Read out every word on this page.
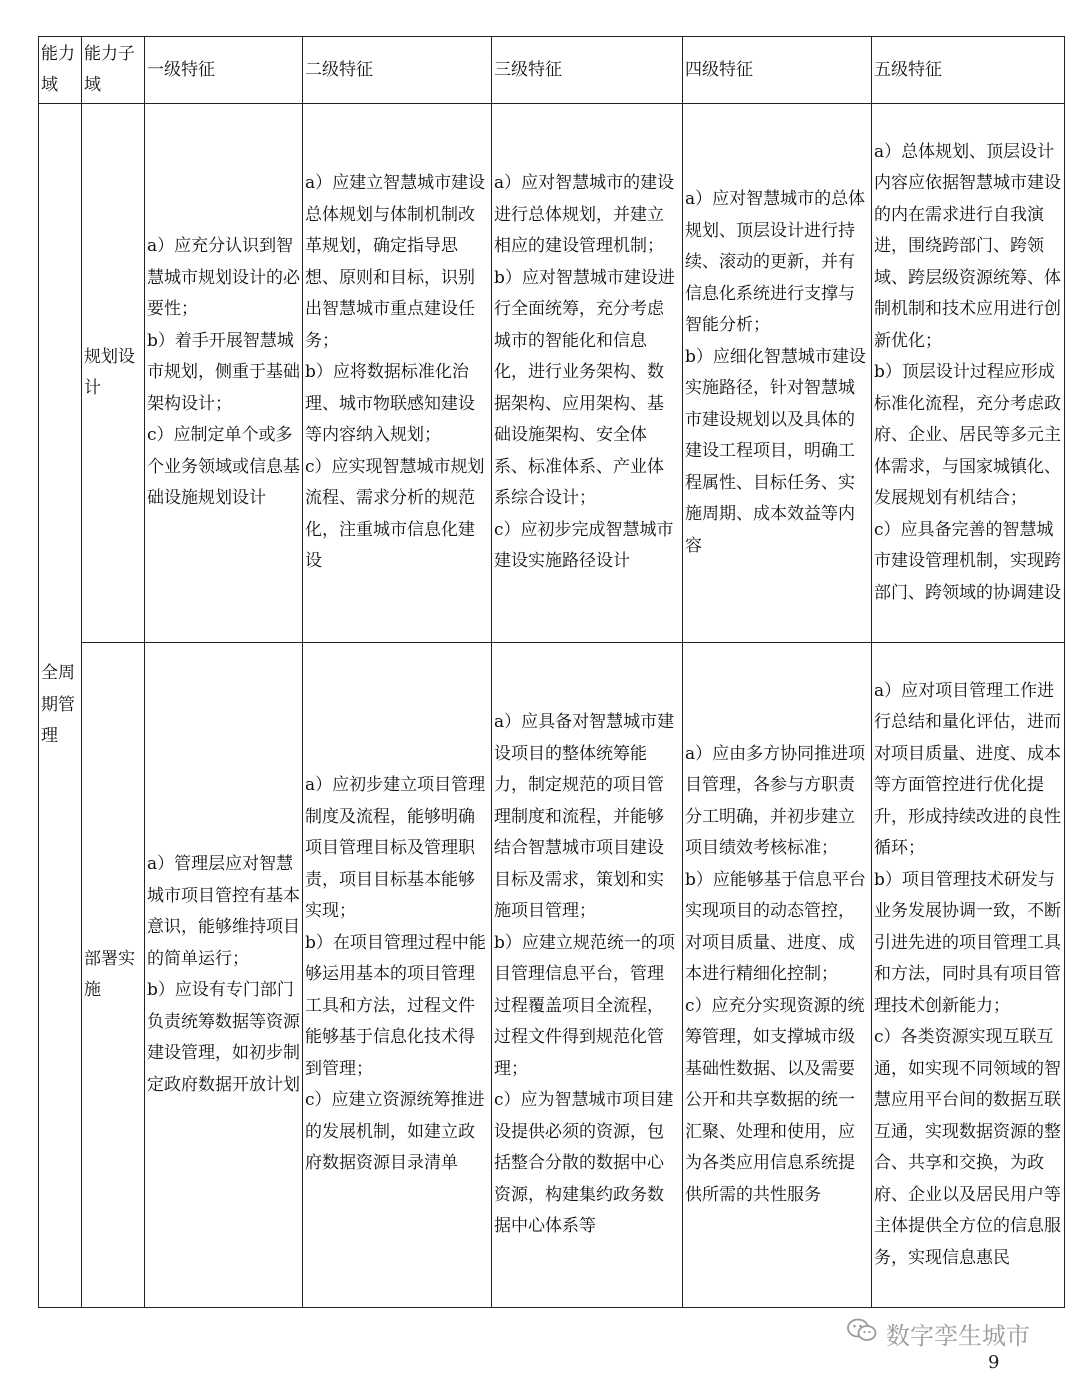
能力域	能力子域	一级特征	二级特征	三级特征	四级特征	五级特征
全周期管理	规划设计	a）应充分认识到智慧城市规划设计的必要性；
b）着手开展智慧城市规划，侧重于基础架构设计；
c）应制定单个或多个业务领域或信息基础设施规划设计	a）应建立智慧城市建设总体规划与体制机制改革规划，确定指导思想、原则和目标，识别出智慧城市重点建设任务；
b）应将数据标准化治理、城市物联感知建设等内容纳入规划；
c）应实现智慧城市规划流程、需求分析的规范化，注重城市信息化建设	a）应对智慧城市的建设进行总体规划，并建立相应的建设管理机制；
b）应对智慧城市建设进行全面统筹，充分考虑城市的智能化和信息化，进行业务架构、数据架构、应用架构、基础设施架构、安全体系、标准体系、产业体系综合设计；
c）应初步完成智慧城市建设实施路径设计	a）应对智慧城市的总体规划、顶层设计进行持续、滚动的更新，并有信息化系统进行支撑与智能分析；
b）应细化智慧城市建设实施路径，针对智慧城市建设规划以及具体的建设工程项目，明确工程属性、目标任务、实施周期、成本效益等内容	a）总体规划、顶层设计内容应依据智慧城市建设的内在需求进行自我演进，围绕跨部门、跨领域、跨层级资源统筹、体制机制和技术应用进行创新优化；
b）顶层设计过程应形成标准化流程，充分考虑政府、企业、居民等多元主体需求，与国家城镇化、发展规划有机结合；
c）应具备完善的智慧城市建设管理机制，实现跨部门、跨领域的协调建设

	部署实施	a）管理层应对智慧城市项目管控有基本意识，能够维持项目的简单运行；
b）应设有专门部门负责统筹数据等资源建设管理，如初步制定政府数据开放计划	a）应初步建立项目管理制度及流程，能够明确项目管理目标及管理职责，项目目标基本能够实现；
b）在项目管理过程中能够运用基本的项目管理工具和方法，过程文件能够基于信息化技术得到管理；
c）应建立资源统筹推进的发展机制，如建立政府数据资源目录清单	a）应具备对智慧城市建设项目的整体统筹能力，制定规范的项目管理制度和流程，并能够结合智慧城市项目建设目标及需求，策划和实施项目管理；
b）应建立规范统一的项目管理信息平台，管理过程覆盖项目全流程，过程文件得到规范化管理；
c）应为智慧城市项目建设提供必须的资源，包括整合分散的数据中心资源，构建集约政务数据中心体系等	a）应由多方协同推进项目管理，各参与方职责分工明确，并初步建立项目绩效考核标准；
b）应能够基于信息平台实现项目的动态管控，对项目质量、进度、成本进行精细化控制；
c）应充分实现资源的统筹管理，如支撑城市级基础性数据、以及需要公开和共享数据的统一汇聚、处理和使用，应为各类应用信息系统提供所需的共性服务	a）应对项目管理工作进行总结和量化评估，进而对项目质量、进度、成本等方面管控进行优化提升，形成持续改进的良性循环；
b）项目管理技术研发与业务发展协调一致，不断引进先进的项目管理工具和方法，同时具有项目管理技术创新能力；
c）各类资源实现互联互通，如实现不同领域的智慧应用平台间的数据互联互通，实现数据资源的整合、共享和交换，为政府、企业以及居民用户等主体提供全方位的信息服务，实现信息惠民
数字孪生城市
9
